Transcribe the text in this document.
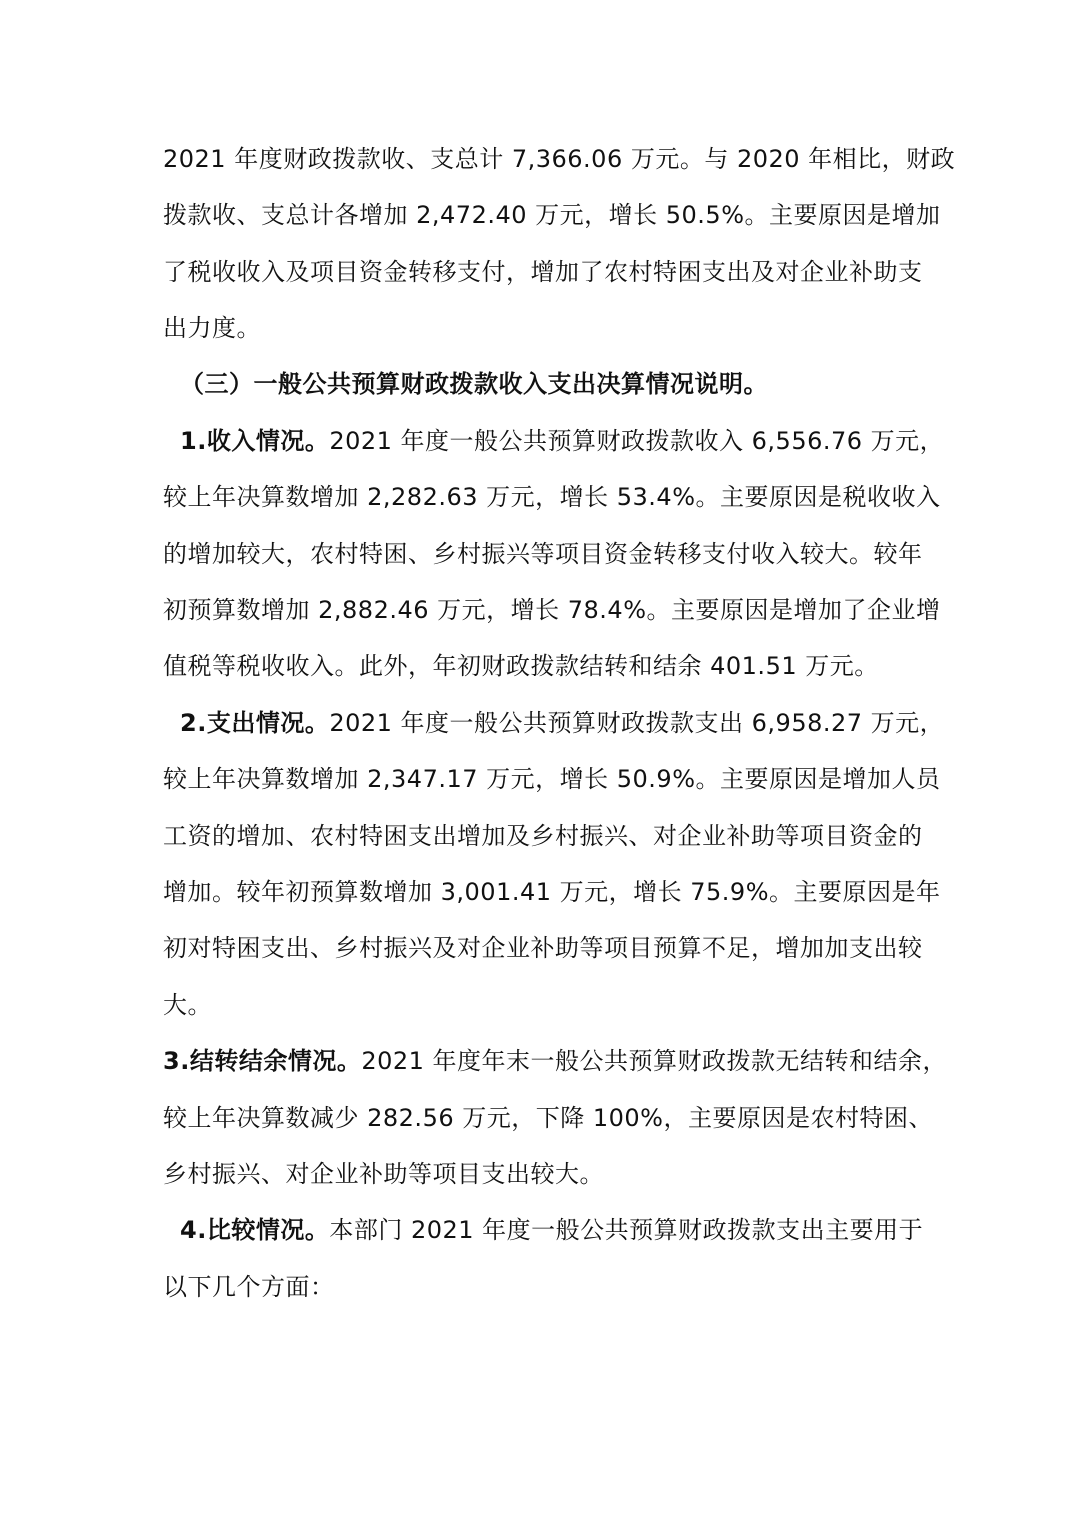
2021 年度财政拨款收、支总计 7,366.06 万元。与 2020 年相比，财政
拨款收、支总计各增加 2,472.40 万元，增长 50.5%。主要原因是增加
了税收收入及项目资金转移支付，增加了农村特困支出及对企业补助支
出力度。
（三）一般公共预算财政拨款收入支出决算情况说明。
1.收入情况。2021 年度一般公共预算财政拨款收入 6,556.76 万元，
较上年决算数增加 2,282.63 万元，增长 53.4%。主要原因是税收收入
的增加较大，农村特困、乡村振兴等项目资金转移支付收入较大。较年
初预算数增加 2,882.46 万元，增长 78.4%。主要原因是增加了企业增
值税等税收收入。此外，年初财政拨款结转和结余 401.51 万元。
2.支出情况。2021 年度一般公共预算财政拨款支出 6,958.27 万元，
较上年决算数增加 2,347.17 万元，增长 50.9%。主要原因是增加人员
工资的增加、农村特困支出增加及乡村振兴、对企业补助等项目资金的
增加。较年初预算数增加 3,001.41 万元，增长 75.9%。主要原因是年
初对特困支出、乡村振兴及对企业补助等项目预算不足，增加加支出较
大。
3.结转结余情况。2021 年度年末一般公共预算财政拨款无结转和结余，
较上年决算数减少 282.56 万元，下降 100%，主要原因是农村特困、
乡村振兴、对企业补助等项目支出较大。
4.比较情况。本部门 2021 年度一般公共预算财政拨款支出主要用于
以下几个方面：
